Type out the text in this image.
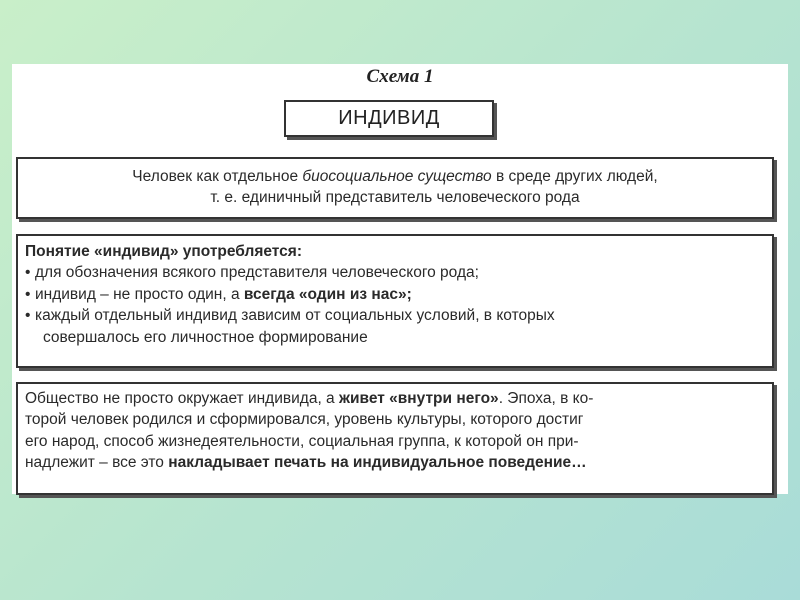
Схема 1
ИНДИВИД
Человек как отдельное биосоциальное существо в среде других людей,
т. е. единичный представитель человеческого рода
Понятие «индивид» употребляется:
• для обозначения всякого представителя человеческого рода;
• индивид – не просто один, а всегда «один из нас»;
• каждый отдельный индивид зависим от социальных условий, в которых
совершалось его личностное формирование
Общество не просто окружает индивида, а живет «внутри него». Эпоха, в ко-
торой человек родился и сформировался, уровень культуры, которого достиг
его народ, способ жизнедеятельности, социальная группа, к которой он при-
надлежит – все это накладывает печать на индивидуальное поведение…
